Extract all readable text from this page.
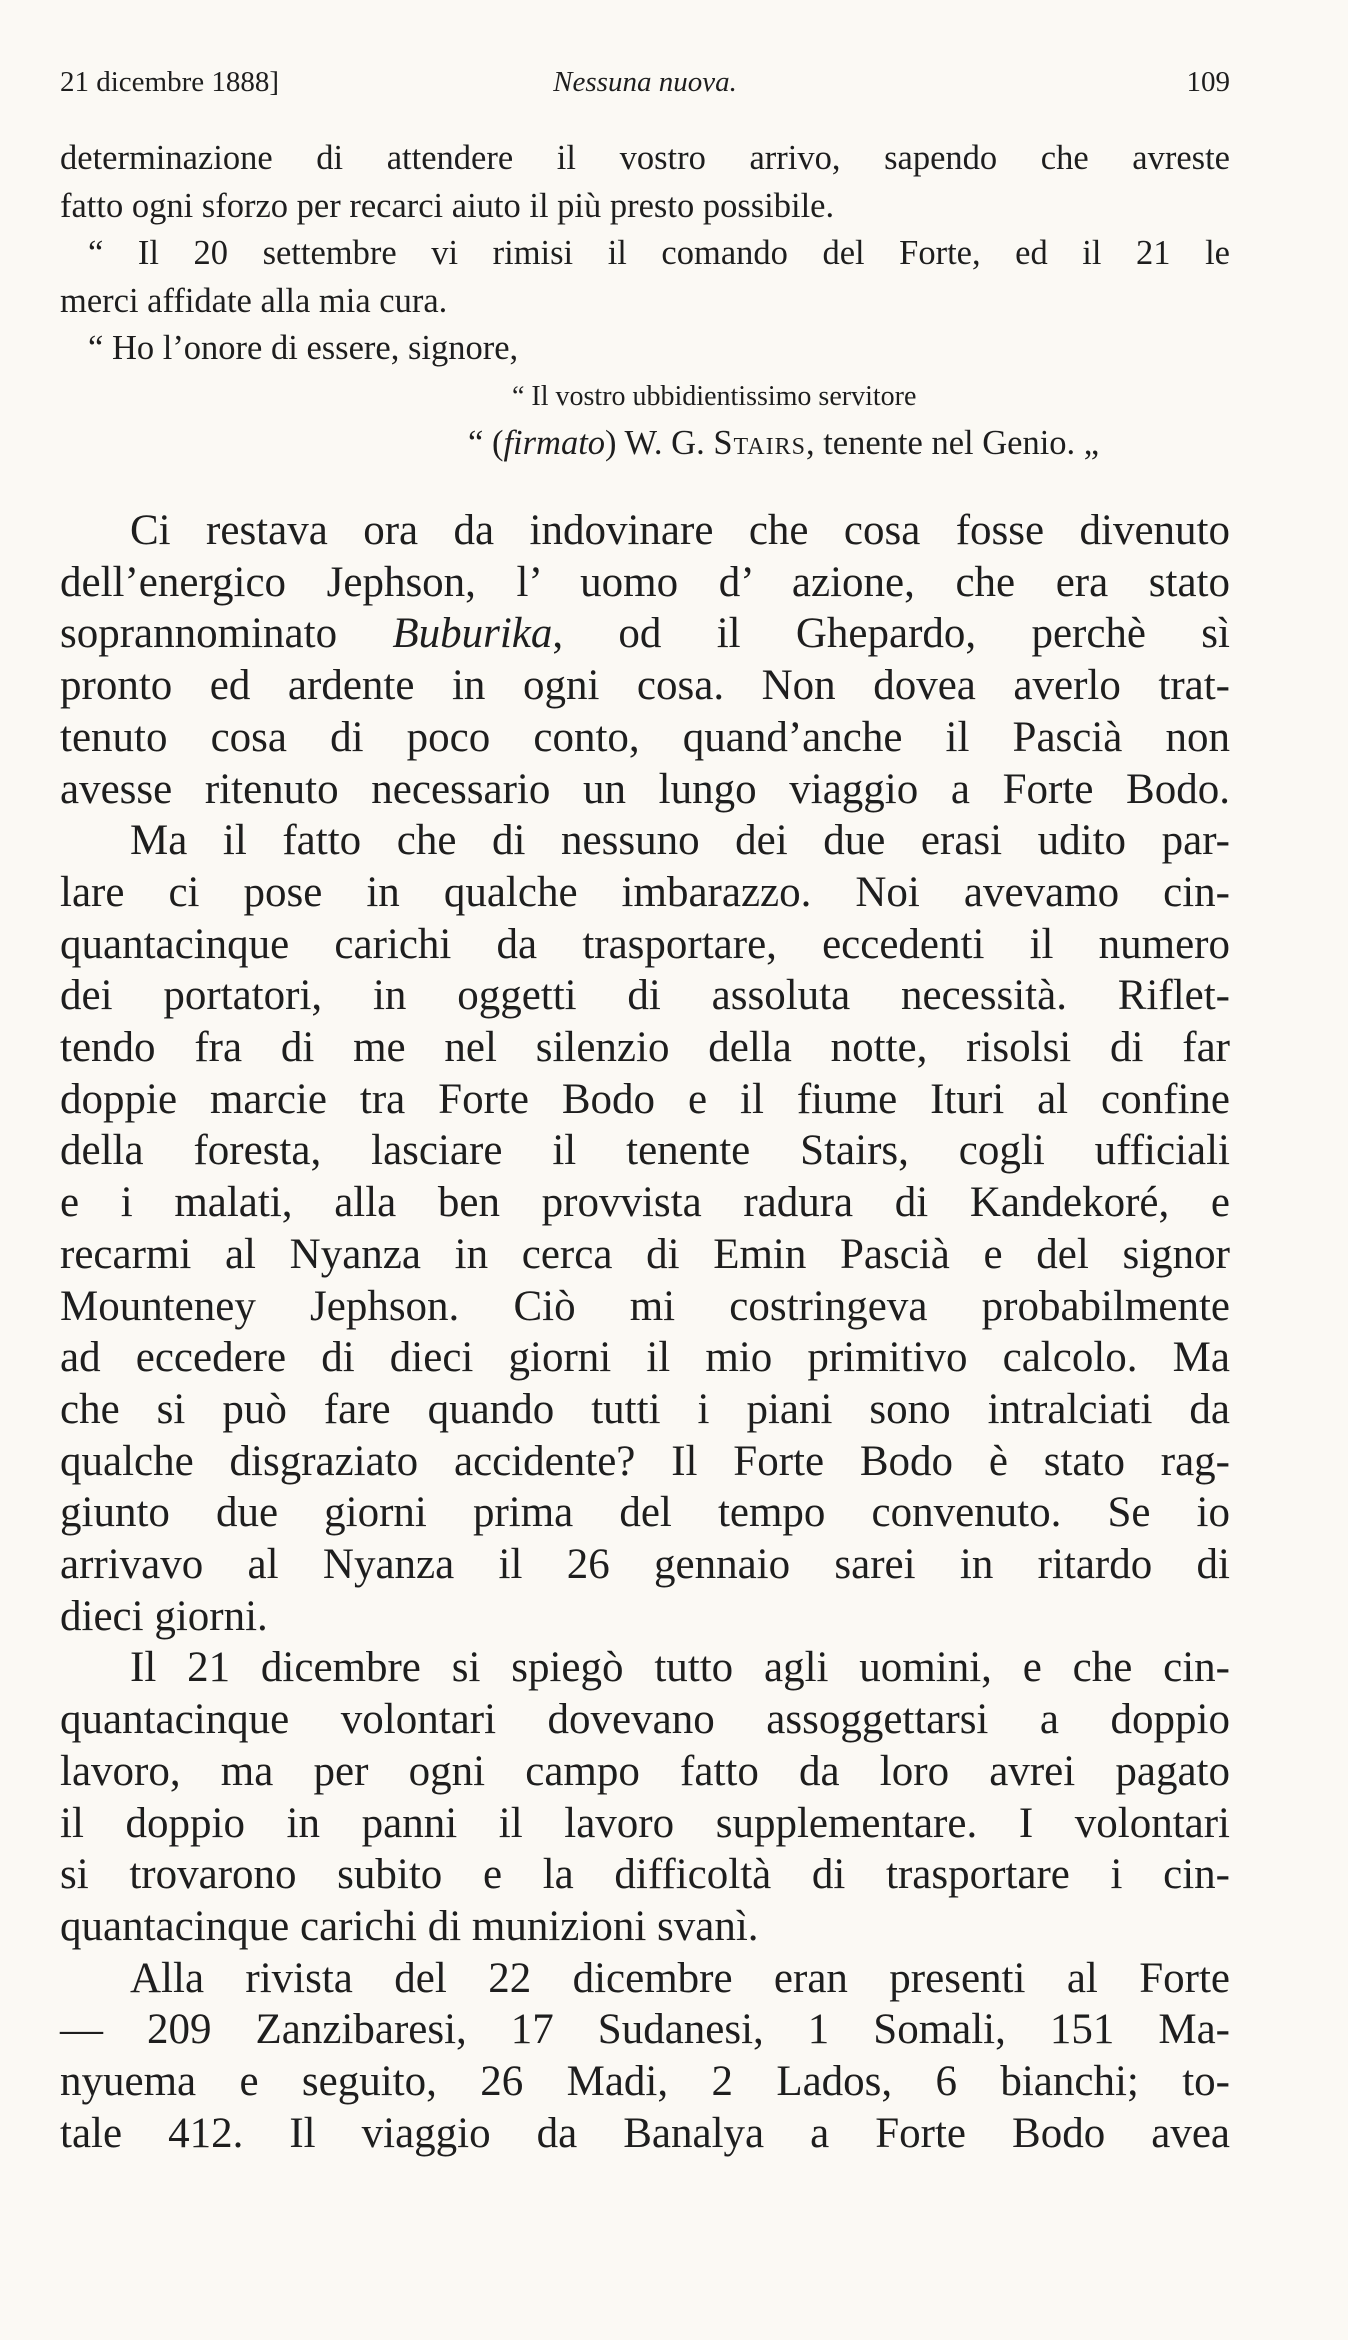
21 dicembre 1888]	Nessuna nuova.	109
determinazione di attendere il vostro arrivo, sapendo che avreste
fatto ogni sforzo per recarci aiuto il più presto possibile.
“ Il 20 settembre vi rimisi il comando del Forte, ed il 21 le
merci affidate alla mia cura.
“ Ho l’onore di essere, signore,
“ Il vostro ubbidientissimo servitore
“ (firmato) W. G. Stairs, tenente nel Genio. „
Ci restava ora da indovinare che cosa fosse divenuto
dell’energico Jephson, l’ uomo d’ azione, che era stato
soprannominato Buburika, od il Ghepardo, perchè sì
pronto ed ardente in ogni cosa. Non dovea averlo trat-
tenuto cosa di poco conto, quand’anche il Pascià non
avesse ritenuto necessario un lungo viaggio a Forte Bodo.
Ma il fatto che di nessuno dei due erasi udito par-
lare ci pose in qualche imbarazzo. Noi avevamo cin-
quantacinque carichi da trasportare, eccedenti il numero
dei portatori, in oggetti di assoluta necessità. Riflet-
tendo fra di me nel silenzio della notte, risolsi di far
doppie marcie tra Forte Bodo e il fiume Ituri al confine
della foresta, lasciare il tenente Stairs, cogli ufficiali
e i malati, alla ben provvista radura di Kandekoré, e
recarmi al Nyanza in cerca di Emin Pascià e del signor
Mounteney Jephson. Ciò mi costringeva probabilmente
ad eccedere di dieci giorni il mio primitivo calcolo. Ma
che si può fare quando tutti i piani sono intralciati da
qualche disgraziato accidente? Il Forte Bodo è stato rag-
giunto due giorni prima del tempo convenuto. Se io
arrivavo al Nyanza il 26 gennaio sarei in ritardo di
dieci giorni.
Il 21 dicembre si spiegò tutto agli uomini, e che cin-
quantacinque volontari dovevano assoggettarsi a doppio
lavoro, ma per ogni campo fatto da loro avrei pagato
il doppio in panni il lavoro supplementare. I volontari
si trovarono subito e la difficoltà di trasportare i cin-
quantacinque carichi di munizioni svanì.
Alla rivista del 22 dicembre eran presenti al Forte
— 209 Zanzibaresi, 17 Sudanesi, 1 Somali, 151 Ma-
nyuema e seguito, 26 Madi, 2 Lados, 6 bianchi; to-
tale 412. Il viaggio da Banalya a Forte Bodo avea
